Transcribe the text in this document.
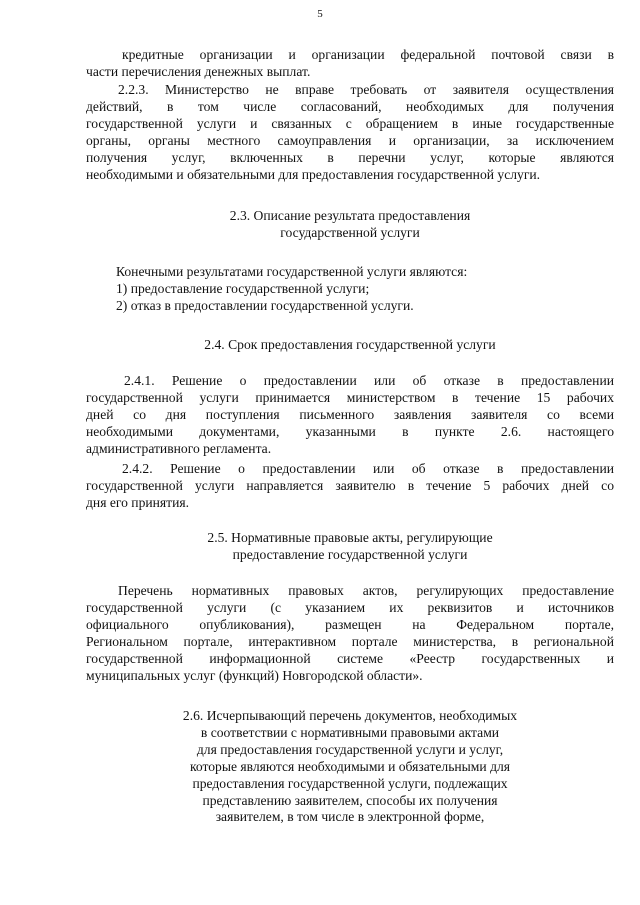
5
кредитные организации и организации федеральной почтовой связи в
части перечисления денежных выплат.
2.2.3. Министерство не вправе требовать от заявителя осуществления
действий, в том числе согласований, необходимых для получения
государственной услуги и связанных с обращением в иные государственные
органы, органы местного самоуправления и организации, за исключением
получения услуг, включенных в перечни услуг, которые являются
необходимыми и обязательными для предоставления государственной услуги.
2.3. Описание результата предоставления
государственной услуги
Конечными результатами государственной услуги являются:
1) предоставление государственной услуги;
2) отказ в предоставлении государственной услуги.
2.4. Срок предоставления государственной услуги
2.4.1. Решение о предоставлении или об отказе в предоставлении
государственной услуги принимается министерством в течение 15 рабочих
дней со дня поступления письменного заявления заявителя со всеми
необходимыми документами, указанными в пункте 2.6. настоящего
административного регламента.
2.4.2. Решение о предоставлении или об отказе в предоставлении
государственной услуги направляется заявителю в течение 5 рабочих дней со
дня его принятия.
2.5. Нормативные правовые акты, регулирующие
предоставление государственной услуги
Перечень нормативных правовых актов, регулирующих предоставление
государственной услуги (с указанием их реквизитов и источников
официального опубликования), размещен на Федеральном портале,
Региональном портале, интерактивном портале министерства, в региональной
государственной информационной системе «Реестр государственных и
муниципальных услуг (функций) Новгородской области».
2.6. Исчерпывающий перечень документов, необходимых
в соответствии с нормативными правовыми актами
для предоставления государственной услуги и услуг,
которые являются необходимыми и обязательными для
предоставления государственной услуги, подлежащих
представлению заявителем, способы их получения
заявителем, в том числе в электронной форме,
